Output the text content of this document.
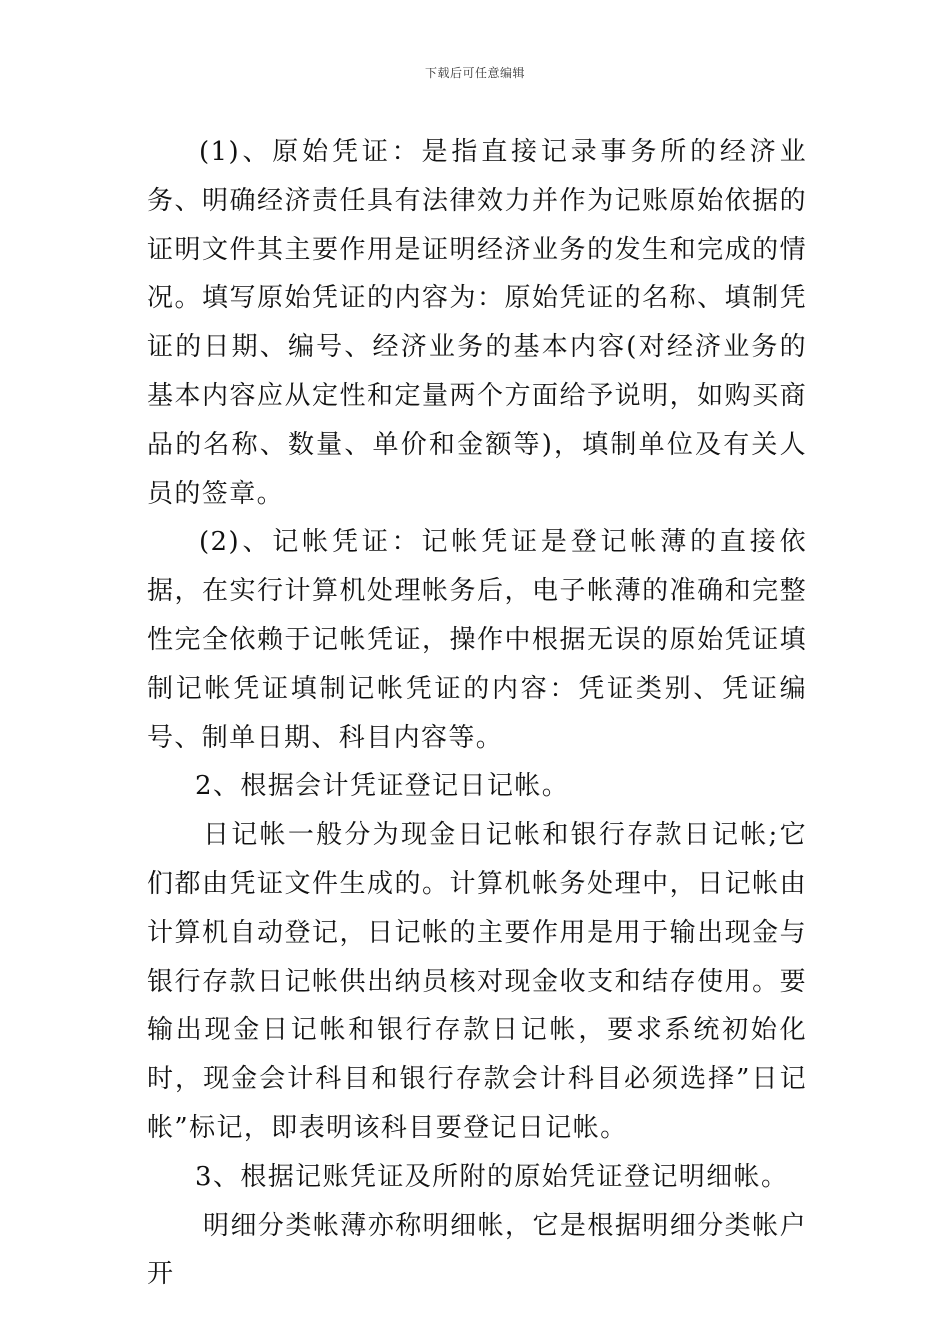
下载后可任意编辑

(1)、原始凭证：是指直接记录事务所的经济业务、明确经济责任具有法律效力并作为记账原始依据的证明文件其主要作用是证明经济业务的发生和完成的情况。填写原始凭证的内容为：原始凭证的名称、填制凭证的日期、编号、经济业务的基本内容(对经济业务的基本内容应从定性和定量两个方面给予说明，如购买商品的名称、数量、单价和金额等)，填制单位及有关人员的签章。

(2)、记帐凭证：记帐凭证是登记帐薄的直接依据，在实行计算机处理帐务后，电子帐薄的准确和完整性完全依赖于记帐凭证，操作中根据无误的原始凭证填制记帐凭证填制记帐凭证的内容：凭证类别、凭证编号、制单日期、科目内容等。

2、根据会计凭证登记日记帐。

日记帐一般分为现金日记帐和银行存款日记帐;它们都由凭证文件生成的。计算机帐务处理中，日记帐由计算机自动登记，日记帐的主要作用是用于输出现金与银行存款日记帐供出纳员核对现金收支和结存使用。要输出现金日记帐和银行存款日记帐，要求系统初始化时，现金会计科目和银行存款会计科目必须选择”日记帐”标记，即表明该科目要登记日记帐。

3、根据记账凭证及所附的原始凭证登记明细帐。

明细分类帐薄亦称明细帐，它是根据明细分类帐户开
